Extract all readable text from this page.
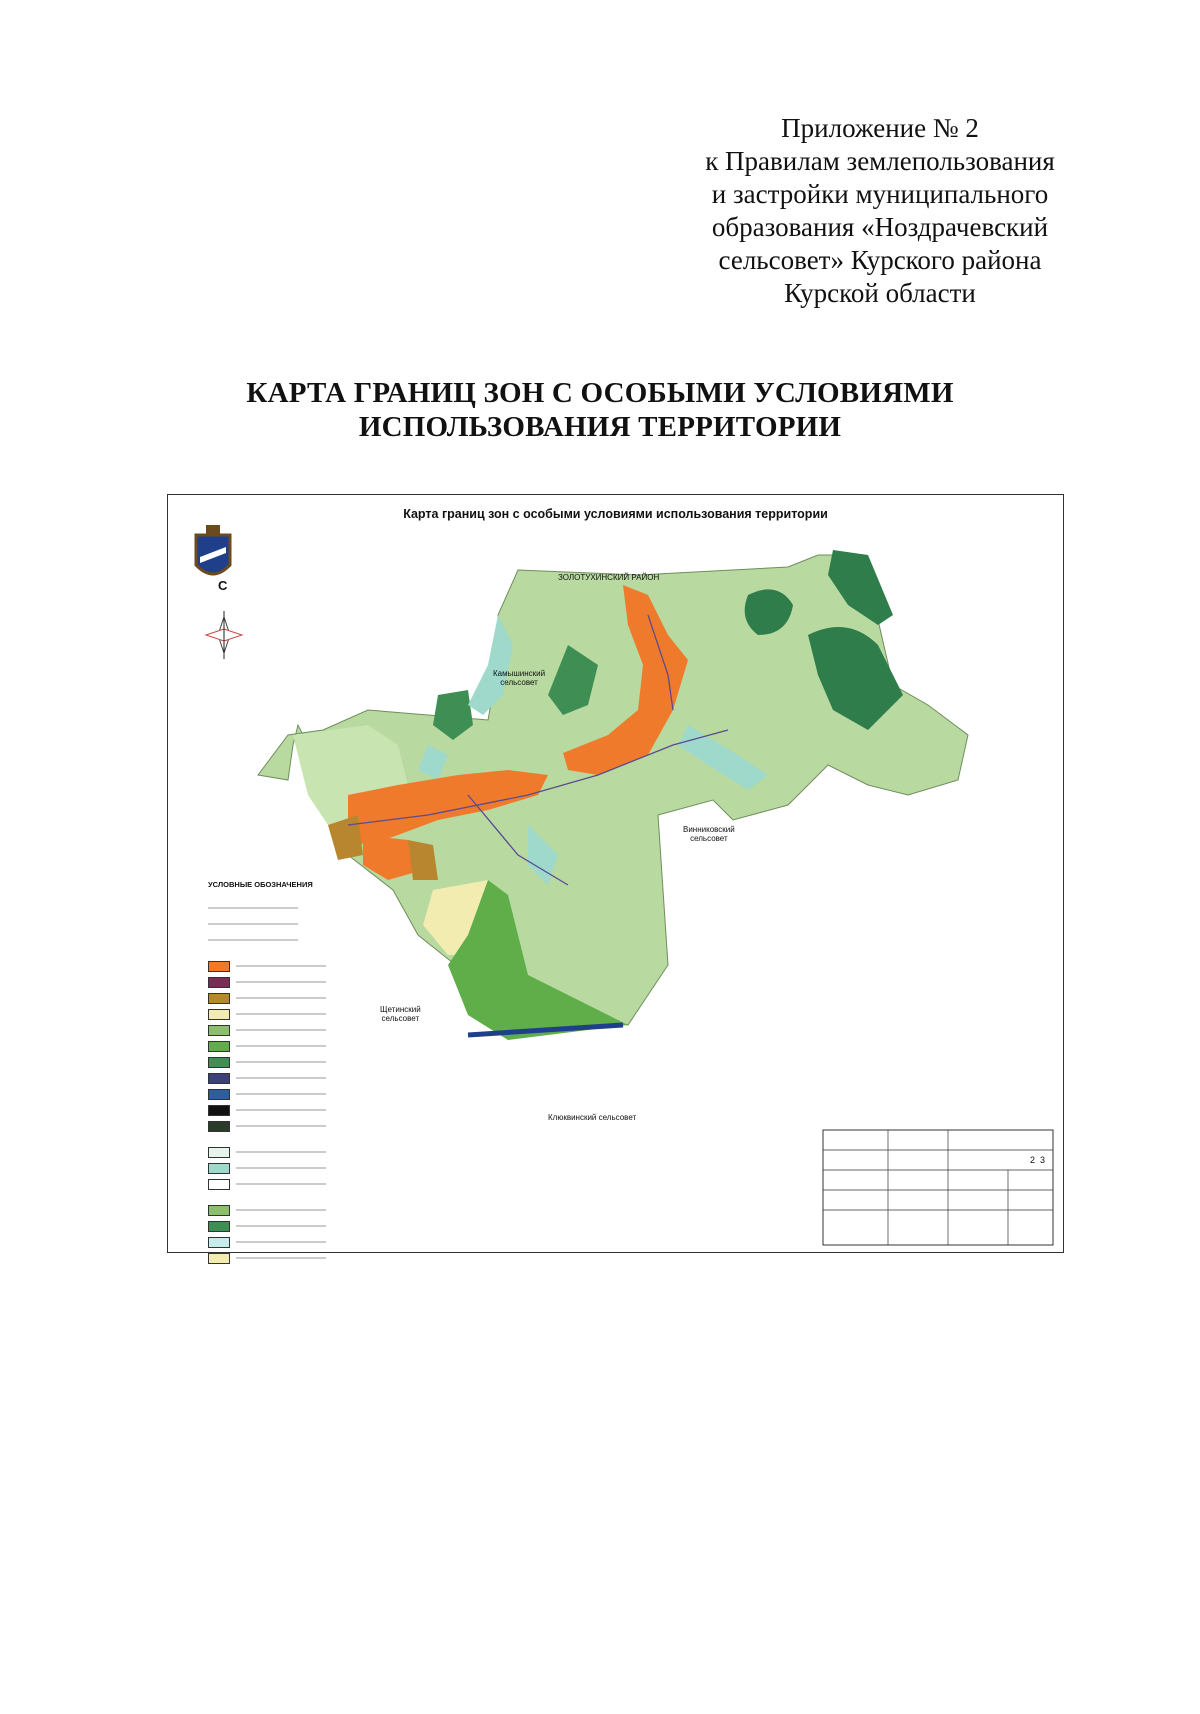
Приложение № 2
к Правилам землепользования
и застройки муниципального
образования «Ноздрачевский
сельсовет» Курского района
Курской области
КАРТА ГРАНИЦ ЗОН С ОСОБЫМИ УСЛОВИЯМИ
ИСПОЛЬЗОВАНИЯ ТЕРРИТОРИИ
Карта границ зон с особыми условиями использования территории
С
ЗОЛОТУХИНСКИЙ РАЙОН
Камышинский
сельсовет
Винниковский
сельсовет
Щетинский
сельсовет
Клюквинский сельсовет
УСЛОВНЫЕ ОБОЗНАЧЕНИЯ
2 3
